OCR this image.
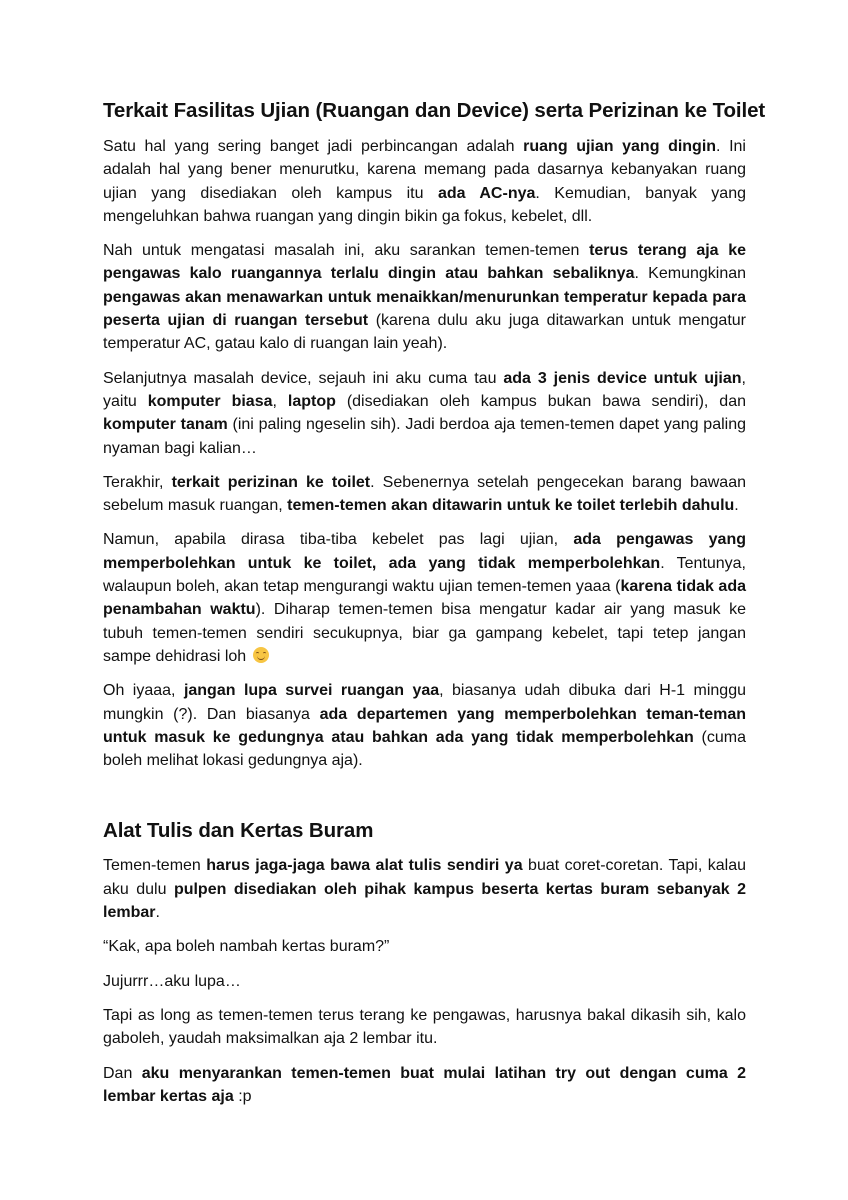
Terkait Fasilitas Ujian (Ruangan dan Device) serta Perizinan ke Toilet

Satu hal yang sering banget jadi perbincangan adalah ruang ujian yang dingin. Ini adalah hal yang bener menurutku, karena memang pada dasarnya kebanyakan ruang ujian yang disediakan oleh kampus itu ada AC-nya. Kemudian, banyak yang mengeluhkan bahwa ruangan yang dingin bikin ga fokus, kebelet, dll.

Nah untuk mengatasi masalah ini, aku sarankan temen-temen terus terang aja ke pengawas kalo ruangannya terlalu dingin atau bahkan sebaliknya. Kemungkinan pengawas akan menawarkan untuk menaikkan/menurunkan temperatur kepada para peserta ujian di ruangan tersebut (karena dulu aku juga ditawarkan untuk mengatur temperatur AC, gatau kalo di ruangan lain yeah).

Selanjutnya masalah device, sejauh ini aku cuma tau ada 3 jenis device untuk ujian, yaitu komputer biasa, laptop (disediakan oleh kampus bukan bawa sendiri), dan komputer tanam (ini paling ngeselin sih). Jadi berdoa aja temen-temen dapet yang paling nyaman bagi kalian…

Terakhir, terkait perizinan ke toilet. Sebenernya setelah pengecekan barang bawaan sebelum masuk ruangan, temen-temen akan ditawarin untuk ke toilet terlebih dahulu.

Namun, apabila dirasa tiba-tiba kebelet pas lagi ujian, ada pengawas yang memperbolehkan untuk ke toilet, ada yang tidak memperbolehkan. Tentunya, walaupun boleh, akan tetap mengurangi waktu ujian temen-temen yaaa (karena tidak ada penambahan waktu). Diharap temen-temen bisa mengatur kadar air yang masuk ke tubuh temen-temen sendiri secukupnya, biar ga gampang kebelet, tapi tetep jangan sampe dehidrasi loh

Oh iyaaa, jangan lupa survei ruangan yaa, biasanya udah dibuka dari H-1 minggu mungkin (?). Dan biasanya ada departemen yang memperbolehkan teman-teman untuk masuk ke gedungnya atau bahkan ada yang tidak memperbolehkan (cuma boleh melihat lokasi gedungnya aja).

Alat Tulis dan Kertas Buram

Temen-temen harus jaga-jaga bawa alat tulis sendiri ya buat coret-coretan. Tapi, kalau aku dulu pulpen disediakan oleh pihak kampus beserta kertas buram sebanyak 2 lembar.

“Kak, apa boleh nambah kertas buram?”

Jujurrr…aku lupa…

Tapi as long as temen-temen terus terang ke pengawas, harusnya bakal dikasih sih, kalo gaboleh, yaudah maksimalkan aja 2 lembar itu.

Dan aku menyarankan temen-temen buat mulai latihan try out dengan cuma 2 lembar kertas aja :p
